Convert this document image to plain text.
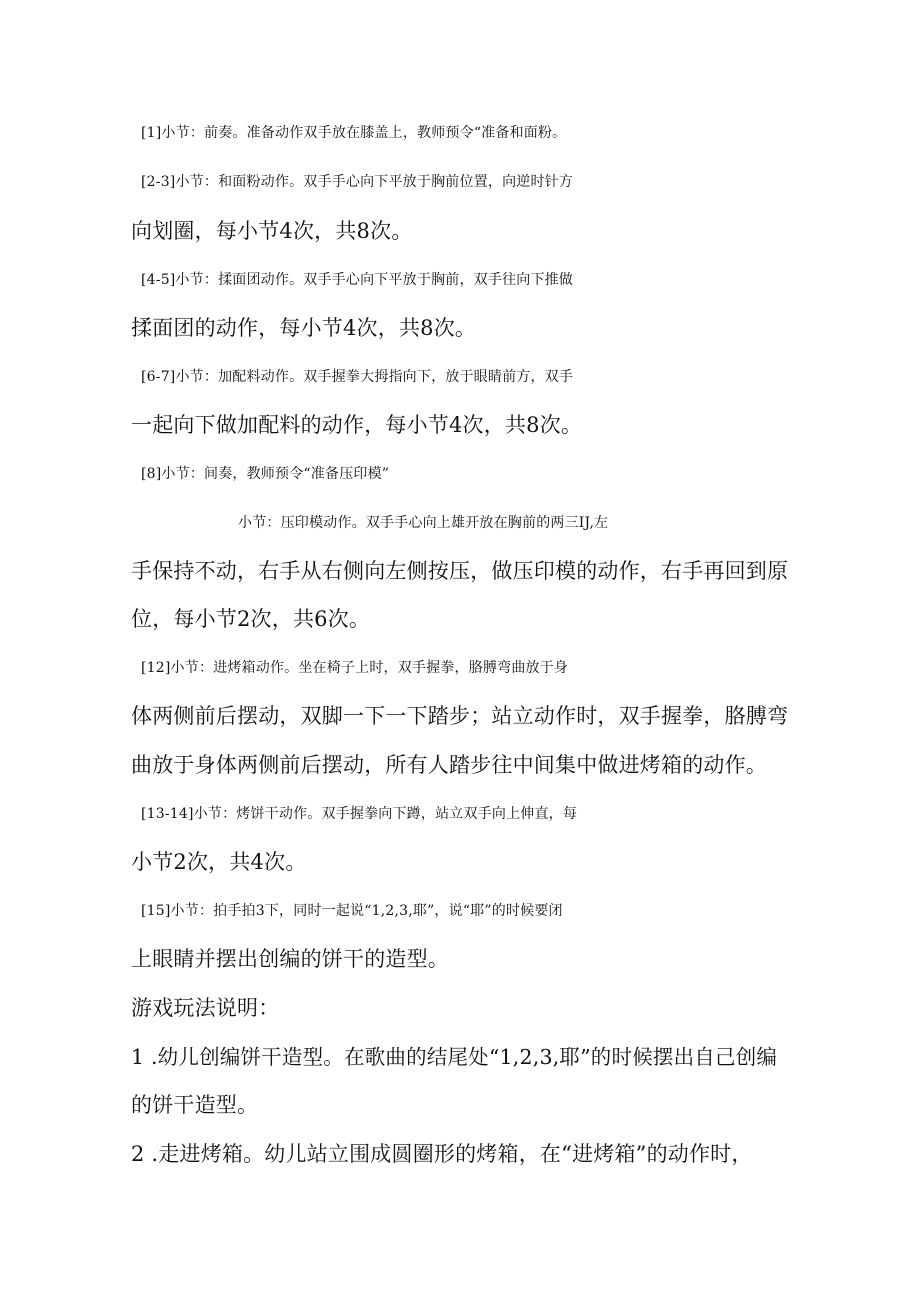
[1]小节：前奏。准备动作双手放在膝盖上，教师预令“准备和面粉。
[2-3]小节：和面粉动作。双手手心向下平放于胸前位置，向逆时针方
向划圈，每小节4次，共8次。
[4-5]小节：揉面团动作。双手手心向下平放于胸前，双手往向下推做
揉面团的动作，每小节4次，共8次。
[6-7]小节：加配料动作。双手握拳大拇指向下，放于眼睛前方，双手
一起向下做加配料的动作，每小节4次，共8次。
[8]小节：间奏，教师预令“准备压印模”
小节：压印模动作。双手手心向上雄开放在胸前的两三IJ,左
手保持不动，右手从右侧向左侧按压，做压印模的动作，右手再回到原
位，每小节2次，共6次。
[12]小节：进烤箱动作。坐在椅子上时，双手握拳，胳膊弯曲放于身
体两侧前后摆动，双脚一下一下踏步；站立动作时，双手握拳，胳膊弯
曲放于身体两侧前后摆动，所有人踏步往中间集中做进烤箱的动作。
[13-14]小节：烤饼干动作。双手握拳向下蹲，站立双手向上伸直，每
小节2次，共4次。
[15]小节：拍手拍3下，同时一起说“1,2,3,耶”，说“耶”的时候要闭
上眼睛并摆出创编的饼干的造型。
游戏玩法说明：
1 .幼儿创编饼干造型。在歌曲的结尾处“1,2,3,耶”的时候摆出自己创编
的饼干造型。
2 .走进烤箱。幼儿站立围成圆圈形的烤箱，在“进烤箱”的动作时，
